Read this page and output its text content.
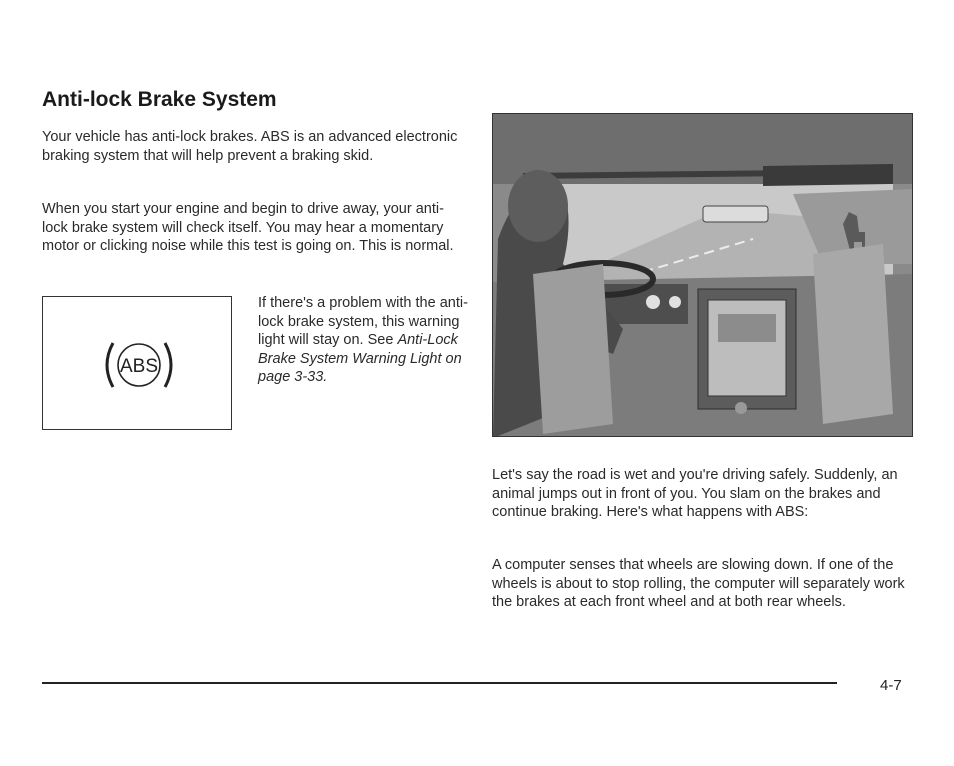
Anti-lock Brake System

Your vehicle has anti-lock brakes. ABS is an advanced electronic braking system that will help prevent a braking skid.

When you start your engine and begin to drive away, your anti-lock brake system will check itself. You may hear a momentary motor or clicking noise while this test is going on. This is normal.

ABS

If there's a problem with the anti-lock brake system, this warning light will stay on. See Anti-Lock Brake System Warning Light on page 3-33.

Let's say the road is wet and you're driving safely. Suddenly, an animal jumps out in front of you. You slam on the brakes and continue braking. Here's what happens with ABS:

A computer senses that wheels are slowing down. If one of the wheels is about to stop rolling, the computer will separately work the brakes at each front wheel and at both rear wheels.

4-7
